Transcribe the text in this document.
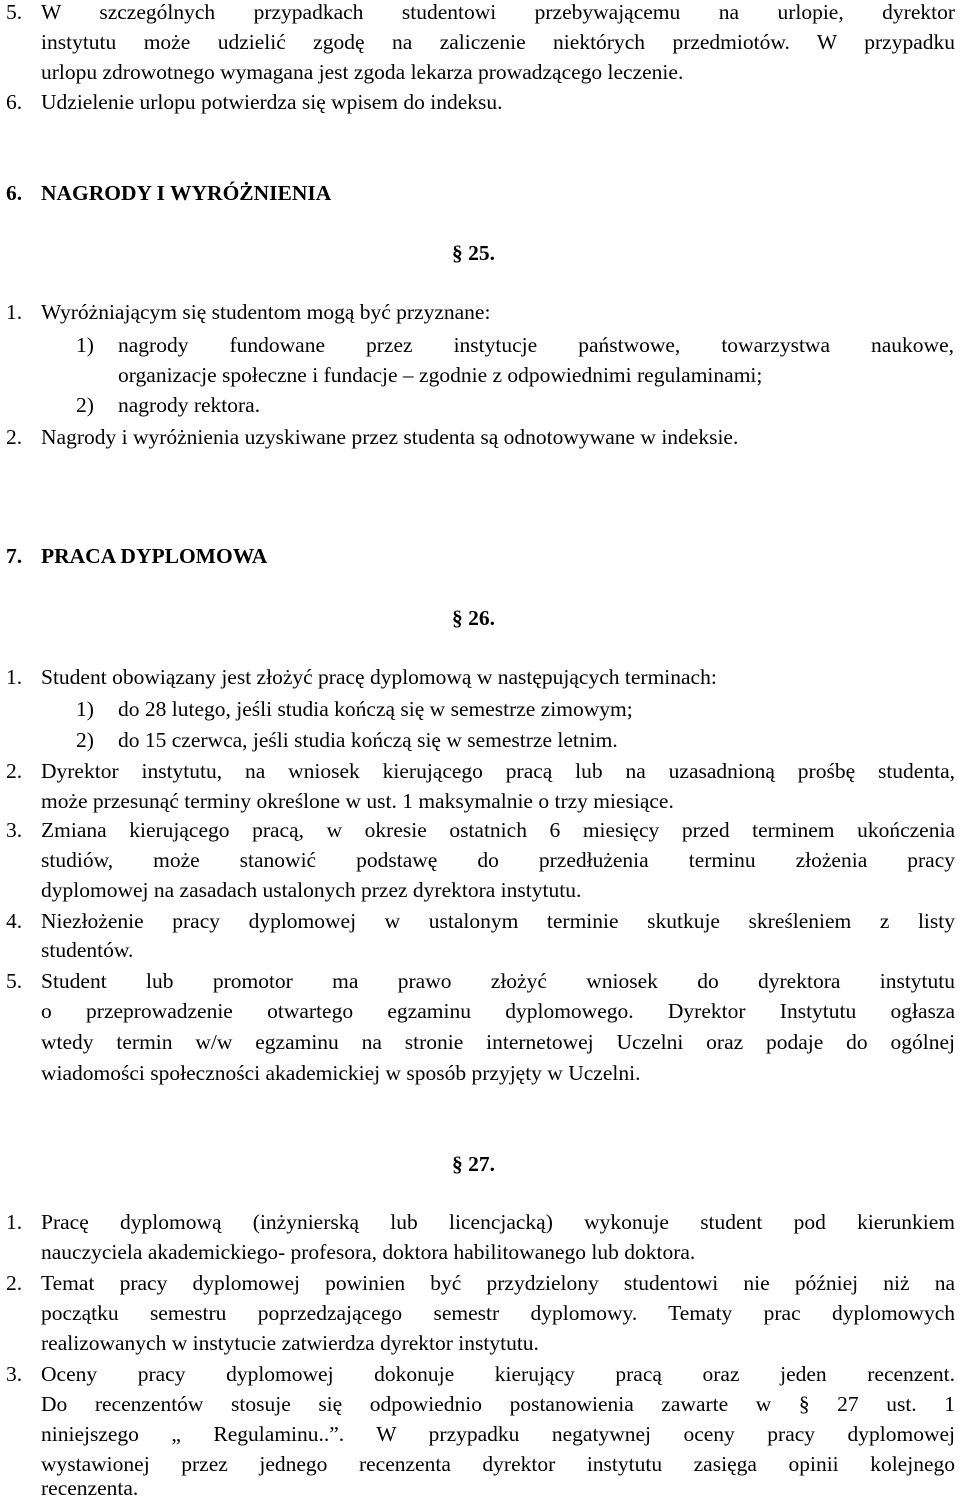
5. W szczególnych przypadkach studentowi przebywającemu na urlopie, dyrektor
instytutu może udzielić zgodę na zaliczenie niektórych przedmiotów. W przypadku
urlopu zdrowotnego wymagana jest zgoda lekarza prowadzącego leczenie.
6. Udzielenie urlopu potwierdza się wpisem do indeksu.
6. NAGRODY I WYRÓŻNIENIA
§ 25.
1. Wyróżniającym się studentom mogą być przyznane:
1) nagrody fundowane przez instytucje państwowe, towarzystwa naukowe,
organizacje społeczne i fundacje – zgodnie z odpowiednimi regulaminami;
2) nagrody rektora.
2. Nagrody i wyróżnienia uzyskiwane przez studenta są odnotowywane w indeksie.
7. PRACA DYPLOMOWA
§ 26.
1. Student obowiązany jest złożyć pracę dyplomową w następujących terminach:
1) do 28 lutego, jeśli studia kończą się w semestrze zimowym;
2) do 15 czerwca, jeśli studia kończą się w semestrze letnim.
2. Dyrektor instytutu, na wniosek kierującego pracą lub na uzasadnioną prośbę studenta,
może przesunąć terminy określone w ust. 1 maksymalnie o trzy miesiące.
3. Zmiana kierującego pracą, w okresie ostatnich 6 miesięcy przed terminem ukończenia
studiów, może stanowić podstawę do przedłużenia terminu złożenia pracy
dyplomowej na zasadach ustalonych przez dyrektora instytutu.
4. Niezłożenie pracy dyplomowej w ustalonym terminie skutkuje skreśleniem z listy
studentów.
5. Student lub promotor ma prawo złożyć wniosek do dyrektora instytutu
o przeprowadzenie otwartego egzaminu dyplomowego. Dyrektor Instytutu ogłasza
wtedy termin w/w egzaminu na stronie internetowej Uczelni oraz podaje do ogólnej
wiadomości społeczności akademickiej w sposób przyjęty w Uczelni.
§ 27.
1. Pracę dyplomową (inżynierską lub licencjacką) wykonuje student pod kierunkiem
nauczyciela akademickiego- profesora, doktora habilitowanego lub doktora.
2. Temat pracy dyplomowej powinien być przydzielony studentowi nie później niż na
początku semestru poprzedzającego semestr dyplomowy. Tematy prac dyplomowych
realizowanych w instytucie zatwierdza dyrektor instytutu.
3. Oceny pracy dyplomowej dokonuje kierujący pracą oraz jeden recenzent.
Do recenzentów stosuje się odpowiednio postanowienia zawarte w § 27 ust. 1
niniejszego „ Regulaminu..”. W przypadku negatywnej oceny pracy dyplomowej
wystawionej przez jednego recenzenta dyrektor instytutu zasięga opinii kolejnego
recenzenta.
